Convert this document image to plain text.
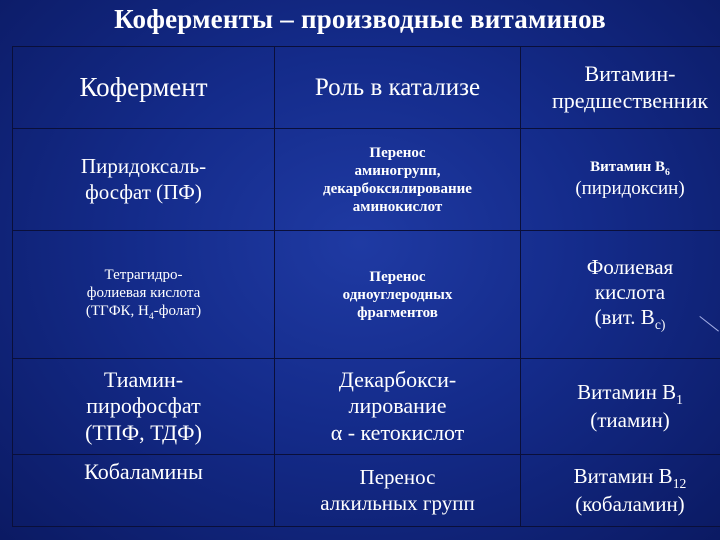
Коферменты – производные витаминов
Кофермент	Роль в катализе	Витамин-
предшественник

Пиридоксаль-
фосфат (ПФ)	Перенос
аминогрупп,
декарбоксилирование
аминокислот	Витамин $B_6$
(пиридоксин)

Тетрагидро-
фолиевая кислота
(ТГФК, $Н_4-фолат$)	Перенос
одноуглеродных
фрагментов	Фолиевая
кислота
(вит. $В_{с)}$

Тиамин-
пирофосфат
(ТПФ, ТДФ)	Декарбокси-
лирование
α - кетокислот	Витамин $В_1$
(тиамин)

Кобаламины	Перенос
алкильных групп	Витамин $В_{12}$
(кобаламин)
